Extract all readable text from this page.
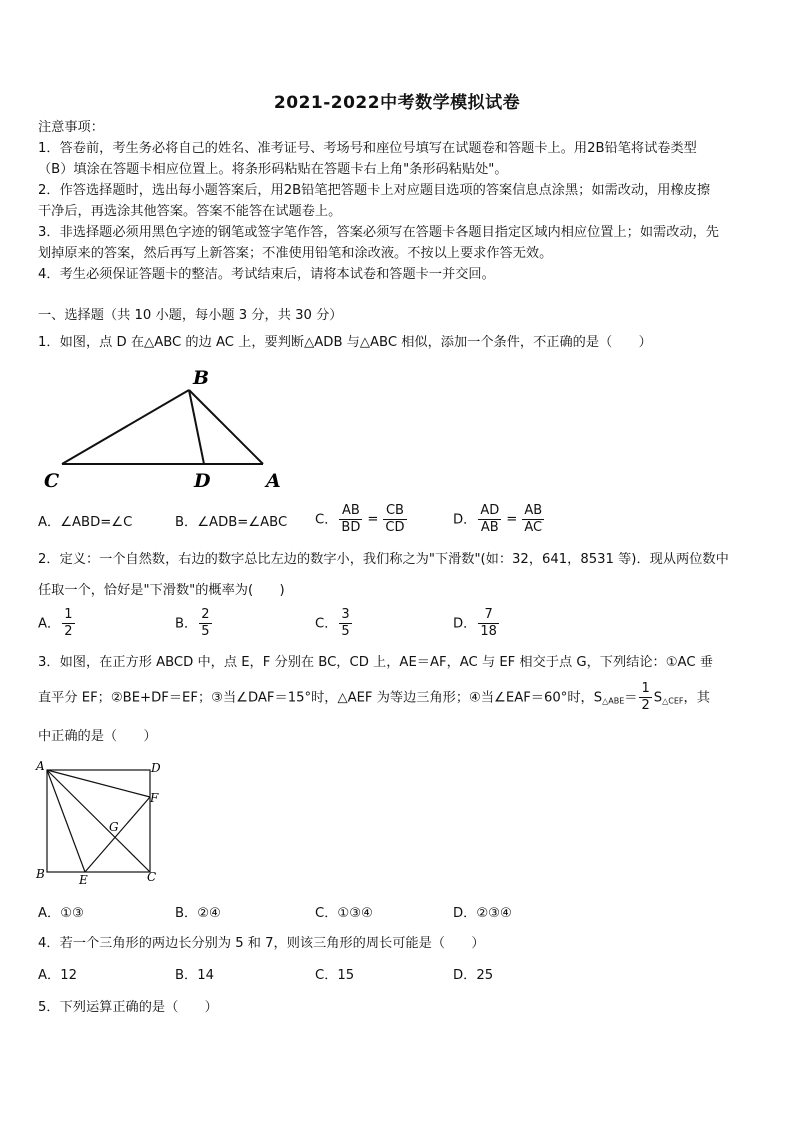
2021-2022中考数学模拟试卷
注意事项：
1．答卷前，考生务必将自己的姓名、准考证号、考场号和座位号填写在试题卷和答题卡上。用2B铅笔将试卷类型
（B）填涂在答题卡相应位置上。将条形码粘贴在答题卡右上角"条形码粘贴处"。
2．作答选择题时，选出每小题答案后，用2B铅笔把答题卡上对应题目选项的答案信息点涂黑；如需改动，用橡皮擦
干净后，再选涂其他答案。答案不能答在试题卷上。
3．非选择题必须用黑色字迹的钢笔或签字笔作答，答案必须写在答题卡各题目指定区域内相应位置上；如需改动，先
划掉原来的答案，然后再写上新答案；不准使用铅笔和涂改液。不按以上要求作答无效。
4．考生必须保证答题卡的整洁。考试结束后，请将本试卷和答题卡一并交回。
一、选择题（共 10 小题，每小题 3 分，共 30 分）
1．如图，点 D 在△ABC 的边 AC 上，要判断△ADB 与△ABC 相似，添加一个条件，不正确的是（　　）
B
C	D	A
A．∠ABD=∠C	B．∠ADB=∠ABC C． $\frac{AB}{BD} = \frac{CB}{CD}$	D． $\frac{AD}{AB} = \frac{AB}{AC}$
2．定义：一个自然数，右边的数字总比左边的数字小，我们称之为"下滑数"(如：32，641，8531 等)．现从两位数中
任取一个，恰好是"下滑数"的概率为(　　)
A． $\frac{1}{2}$	B． $\frac{2}{5}$	C． $\frac{3}{5}$	D． $\frac{7}{18}$
3．如图，在正方形 ABCD 中，点 E，F 分别在 BC，CD 上，AE＝AF，AC 与 EF 相交于点 G，下列结论：①AC 垂
直平分 EF；②BE+DF＝EF；③当∠DAF＝15°时，△AEF 为等边三角形；④当∠EAF＝60°时，$S_{\triangle ABE}= \frac{1}{2} S_{\triangle CEF}$，其
中正确的是（　　）
A	D
F
G
B	E	C
A．①③	B．②④	C．①③④	D．②③④
4．若一个三角形的两边长分别为 5 和 7，则该三角形的周长可能是（　　）
A．12	B．14	C．15	D．25
5．下列运算正确的是（　　）
